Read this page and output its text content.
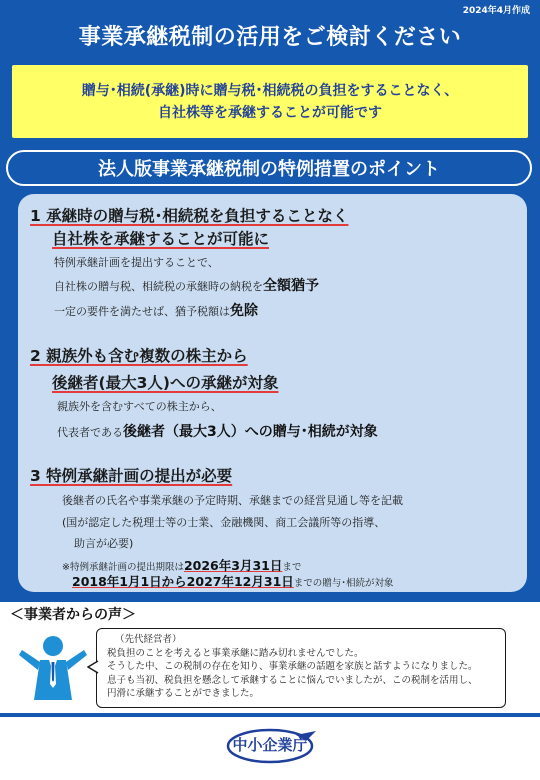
2024年4月作成
事業承継税制の活用をご検討ください
贈与･相続(承継)時に贈与税･相続税の負担をすることなく、
自社株等を承継することが可能です
法人版事業承継税制の特例措置のポイント
1 承継時の贈与税･相続税を負担することなく
自社株を承継することが可能に
特例承継計画を提出することで、
自社株の贈与税、相続税の承継時の納税を全額猶予
一定の要件を満たせば、猶予税額は免除
2 親族外も含む複数の株主から
後継者(最大3人)への承継が対象
親族外を含むすべての株主から、
代表者である後継者（最大3人）への贈与･相続が対象
3 特例承継計画の提出が必要
後継者の氏名や事業承継の予定時期、承継までの経営見通し等を記載
(国が認定した税理士等の士業、金融機関、商工会議所等の指導、
助言が必要)
※特例承継計画の提出期限は2026年3月31日まで
2018年1月1日から2027年12月31日までの贈与･相続が対象
＜事業者からの声＞
（先代経営者）
税負担のことを考えると事業承継に踏み切れませんでした。
そうした中、この税制の存在を知り、事業承継の話題を家族と話すようになりました。
息子も当初、税負担を懸念して承継することに悩んでいましたが、この税制を活用し、
円滑に承継することができました。
中小企業庁
